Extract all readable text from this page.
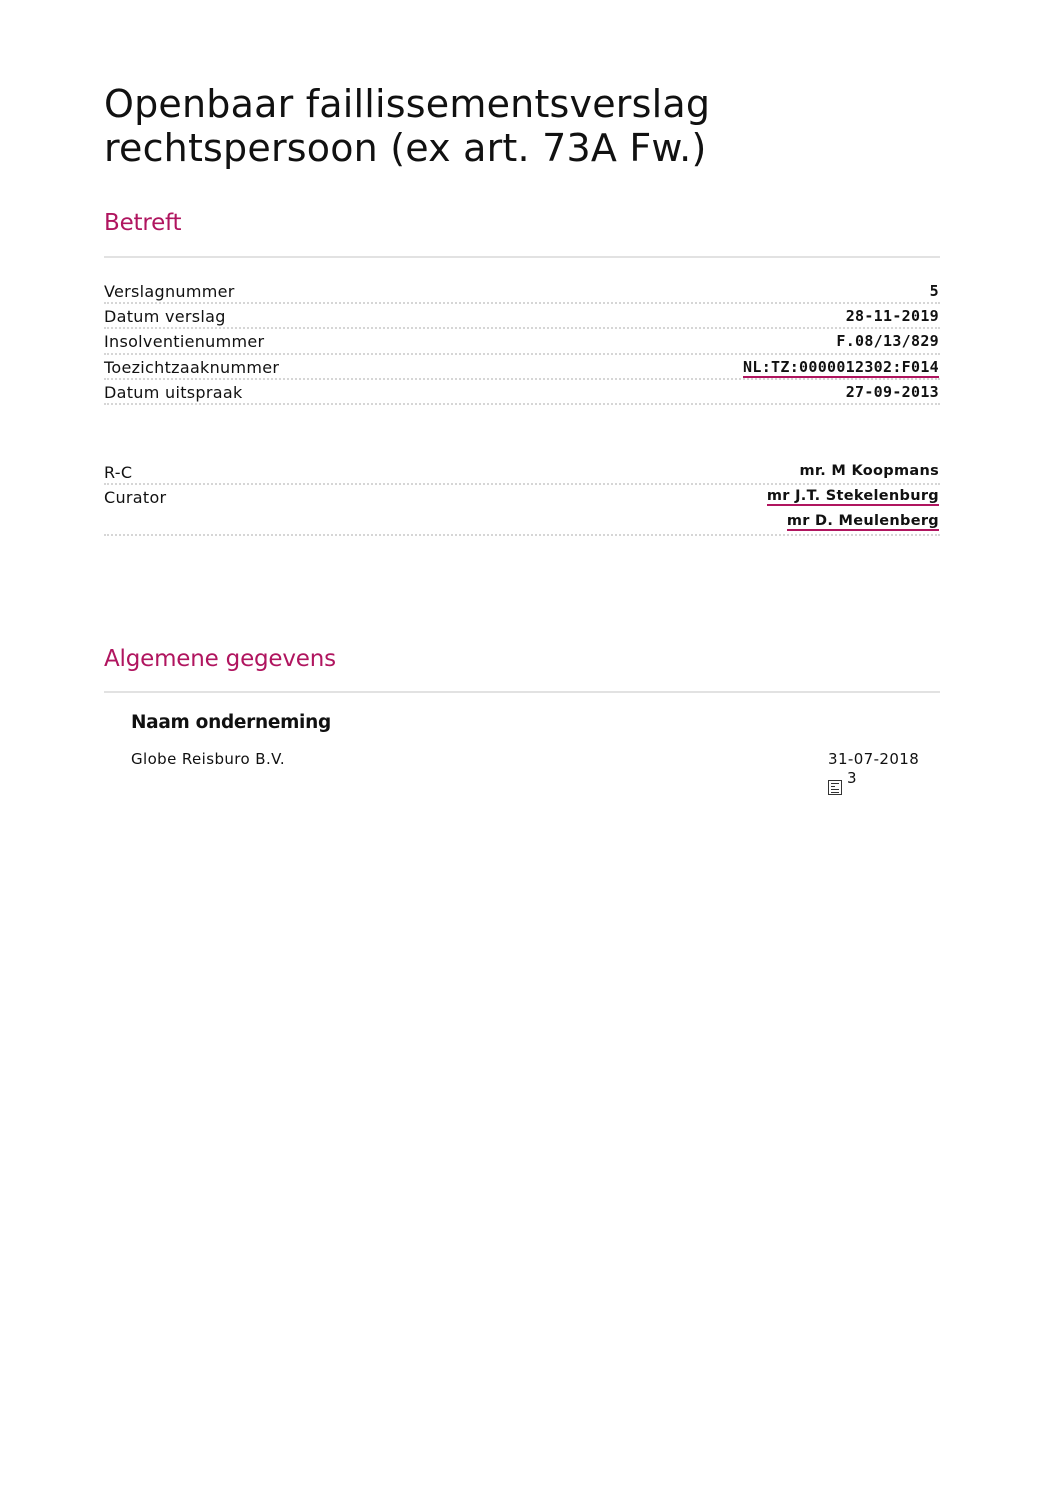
Openbaar faillissementsverslag rechtspersoon (ex art. 73A Fw.)
Betreft
Verslagnummer	5
Datum verslag	28-11-2019
Insolventienummer	F.08/13/829
Toezichtzaaknummer	NL:TZ:0000012302:F014
Datum uitspraak	27-09-2013
R-C	mr. M Koopmans
Curator	mr J.T. Stekelenburg
mr D. Meulenberg
Algemene gegevens
Naam onderneming
Globe Reisburo B.V.	31-07-2018
3
